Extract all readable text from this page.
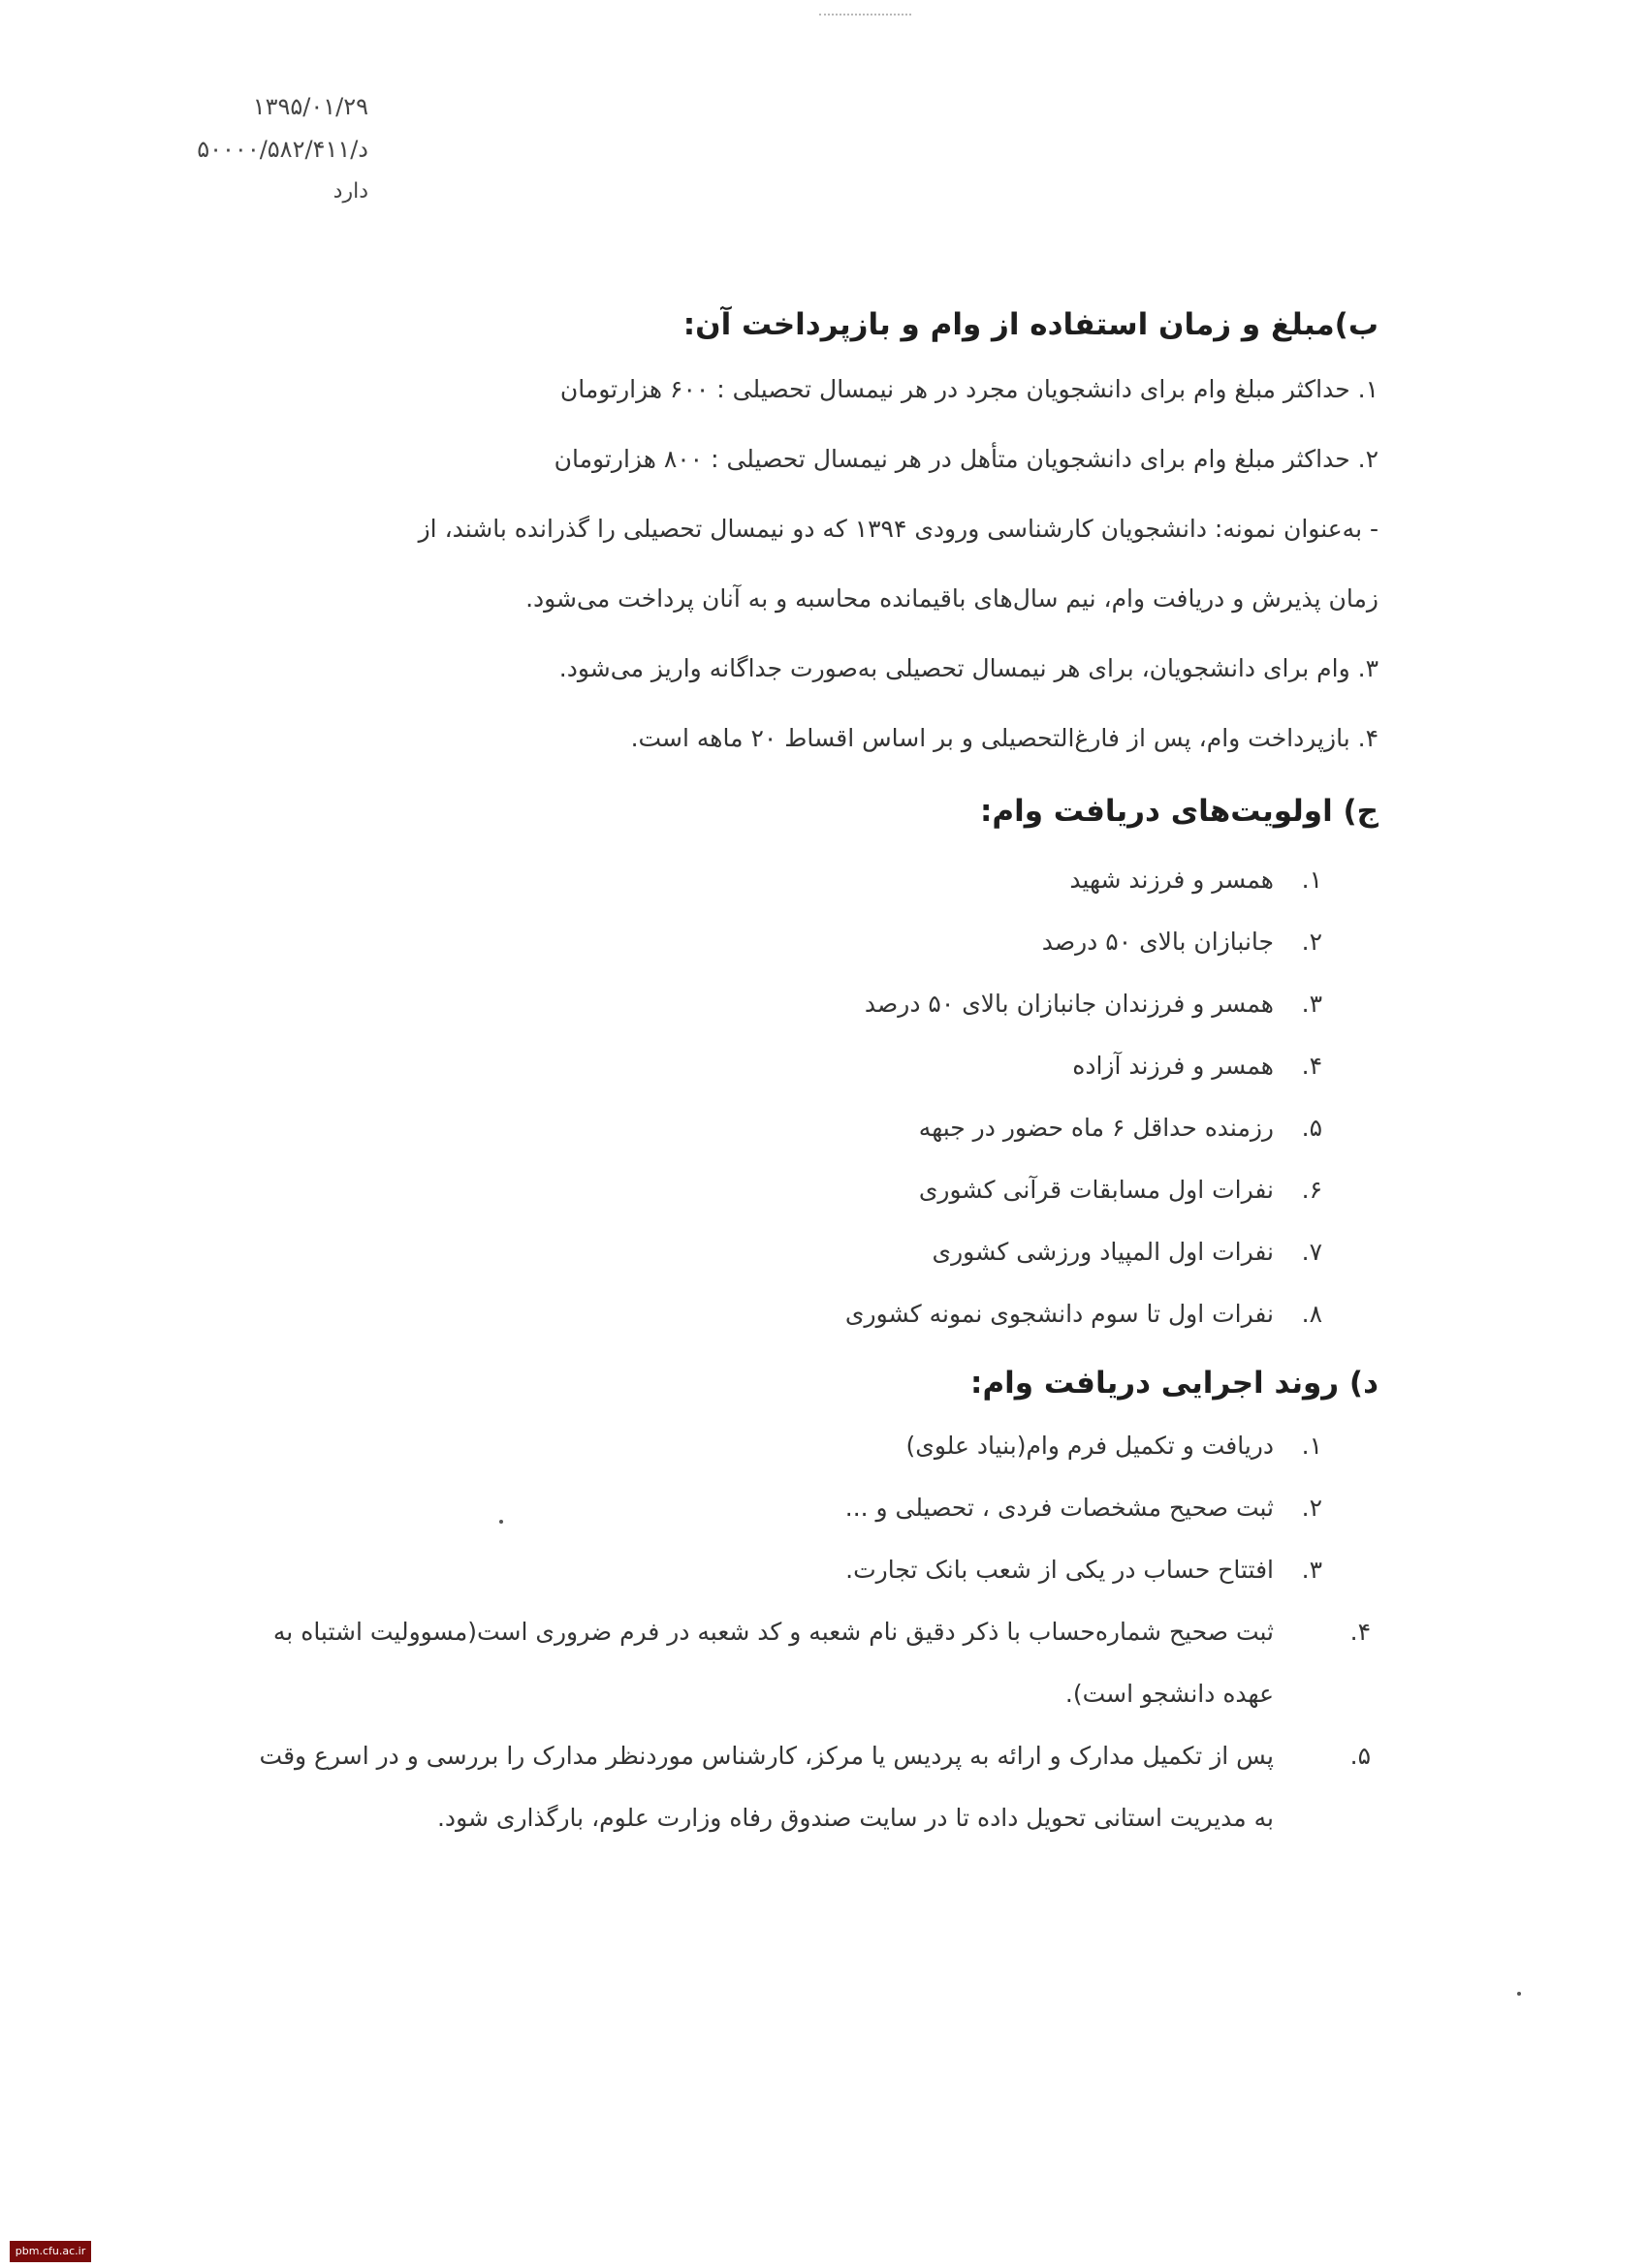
۱۳۹۵/۰۱/۲۹
د/۵۰۰۰۰/۵۸۲/۴۱۱
دارد
ب)مبلغ و زمان استفاده از وام و بازپرداخت آن:
۱. حداکثر مبلغ وام برای دانشجویان مجرد در هر نیمسال تحصیلی : ۶۰۰ هزارتومان
۲. حداکثر مبلغ وام برای دانشجویان متأهل در هر نیمسال تحصیلی : ۸۰۰ هزارتومان
- به‌عنوان نمونه: دانشجویان کارشناسی ورودی ۱۳۹۴ که دو نیمسال تحصیلی را گذرانده باشند، از
زمان پذیرش و دریافت وام، نیم سال‌های باقیمانده محاسبه و به آنان پرداخت می‌شود.
۳. وام برای دانشجویان، برای هر نیمسال تحصیلی به‌صورت جداگانه واریز می‌شود.
۴. بازپرداخت وام، پس از فارغ‌التحصیلی و بر اساس اقساط ۲۰ ماهه است.
ج) اولویت‌های دریافت وام:
۱.همسر و فرزند شهید
۲.جانبازان بالای ۵۰ درصد
۳.همسر و فرزندان جانبازان بالای ۵۰ درصد
۴.همسر و فرزند آزاده
۵.رزمنده حداقل ۶ ماه حضور در جبهه
۶.نفرات اول مسابقات قرآنی کشوری
۷.نفرات اول المپیاد ورزشی کشوری
۸.نفرات اول تا سوم دانشجوی نمونه کشوری
د) روند اجرایی دریافت وام:
۱.دریافت و تکمیل فرم وام(بنیاد علوی)
۲.ثبت صحیح مشخصات فردی ، تحصیلی و ...
۳.افتتاح حساب در یکی از شعب بانک تجارت.
۴.ثبت صحیح شماره‌حساب با ذکر دقیق نام شعبه و کد شعبه در فرم ضروری است(مسوولیت اشتباه به عهده دانشجو است).
۵.پس از تکمیل مدارک و ارائه به پردیس یا مرکز، کارشناس موردنظر مدارک را بررسی و در اسرع وقت به مدیریت استانی تحویل داده تا در سایت صندوق رفاه وزارت علوم، بارگذاری شود.
pbm.cfu.ac.ir
